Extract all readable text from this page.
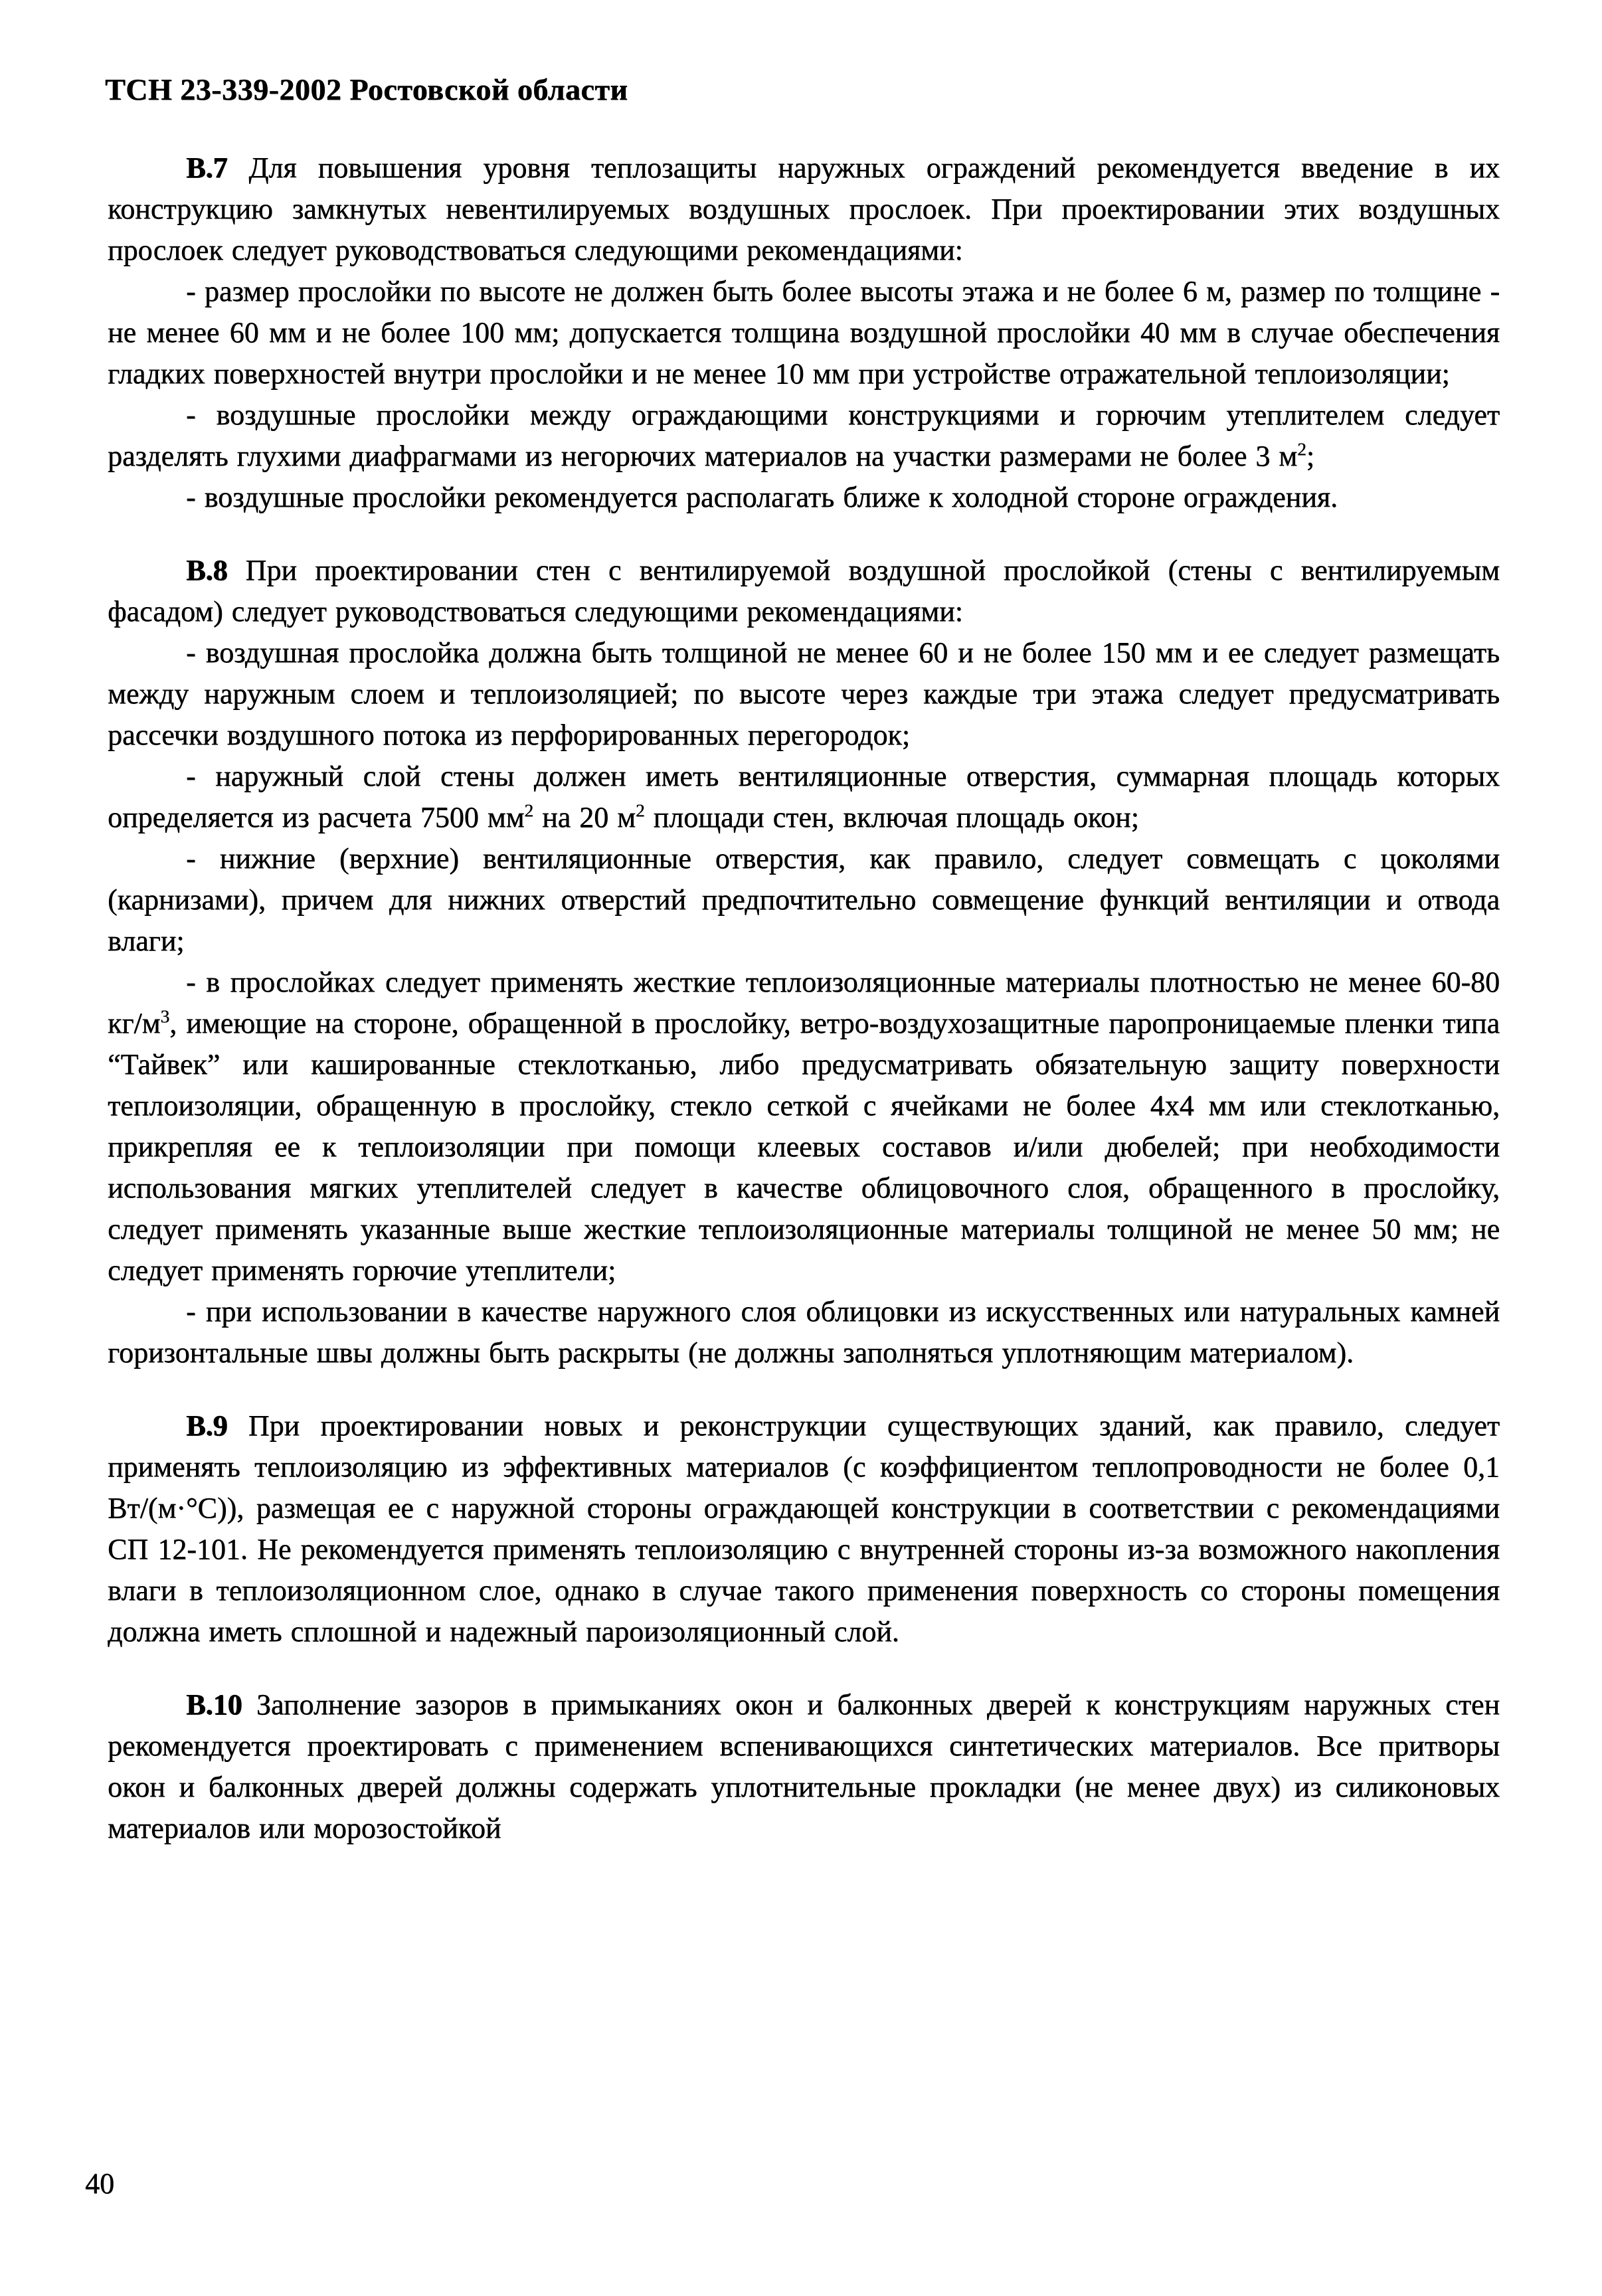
ТСН 23-339-2002 Ростовской области

В.7 Для повышения уровня теплозащиты наружных ограждений рекомендуется введение в их конструкцию замкнутых невентилируемых воздушных прослоек. При проектировании этих воздушных прослоек следует руководствоваться следующими рекомендациями:

- размер прослойки по высоте не должен быть более высоты этажа и не более 6 м, размер по толщине - не менее 60 мм и не более 100 мм; допускается толщина воздушной прослойки 40 мм в случае обеспечения гладких поверхностей внутри прослойки и не менее 10 мм при устройстве отражательной теплоизоляции;

- воздушные прослойки между ограждающими конструкциями и горючим утеплителем следует разделять глухими диафрагмами из негорючих материалов на участки размерами не более 3 $м^2$;

- воздушные прослойки рекомендуется располагать ближе к холодной стороне ограждения.

В.8 При проектировании стен с вентилируемой воздушной прослойкой (стены с вентилируемым фасадом) следует руководствоваться следующими рекомендациями:

- воздушная прослойка должна быть толщиной не менее 60 и не более 150 мм и ее следует размещать между наружным слоем и теплоизоляцией; по высоте через каждые три этажа следует предусматривать рассечки воздушного потока из перфорированных перегородок;

- наружный слой стены должен иметь вентиляционные отверстия, суммарная площадь которых определяется из расчета 7500 $мм^2$ на 20 $м^2$ площади стен, включая площадь окон;

- нижние (верхние) вентиляционные отверстия, как правило, следует совмещать с цоколями (карнизами), причем для нижних отверстий предпочтительно совмещение функций вентиляции и отвода влаги;

- в прослойках следует применять жесткие теплоизоляционные материалы плотностью не менее 60-80 $кг/м^3$, имеющие на стороне, обращенной в прослойку, ветро-воздухозащитные паропроницаемые пленки типа “Тайвек” или кашированные стеклотканью, либо предусматривать обязательную защиту поверхности теплоизоляции, обращенную в прослойку, стекло сеткой с ячейками не более 4х4 мм или стеклотканью, прикрепляя ее к теплоизоляции при помощи клеевых составов и/или дюбелей; при необходимости использования мягких утеплителей следует в качестве облицовочного слоя, обращенного в прослойку, следует применять указанные выше жесткие теплоизоляционные материалы толщиной не менее 50 мм; не следует применять горючие утеплители;

- при использовании в качестве наружного слоя облицовки из искусственных или натуральных камней горизонтальные швы должны быть раскрыты (не должны заполняться уплотняющим материалом).

В.9 При проектировании новых и реконструкции существующих зданий, как правило, следует применять теплоизоляцию из эффективных материалов (с коэффициентом теплопроводности не более 0,1 Вт/(м·°С)), размещая ее с наружной стороны ограждающей конструкции в соответствии с рекомендациями СП 12-101. Не рекомендуется применять теплоизоляцию с внутренней стороны из-за возможного накопления влаги в теплоизоляционном слое, однако в случае такого применения поверхность со стороны помещения должна иметь сплошной и надежный пароизоляционный слой.

В.10 Заполнение зазоров в примыканиях окон и балконных дверей к конструкциям наружных стен рекомендуется проектировать с применением вспенивающихся синтетических материалов. Все притворы окон и балконных дверей должны содержать уплотнительные прокладки (не менее двух) из силиконовых материалов или морозостойкой

40
